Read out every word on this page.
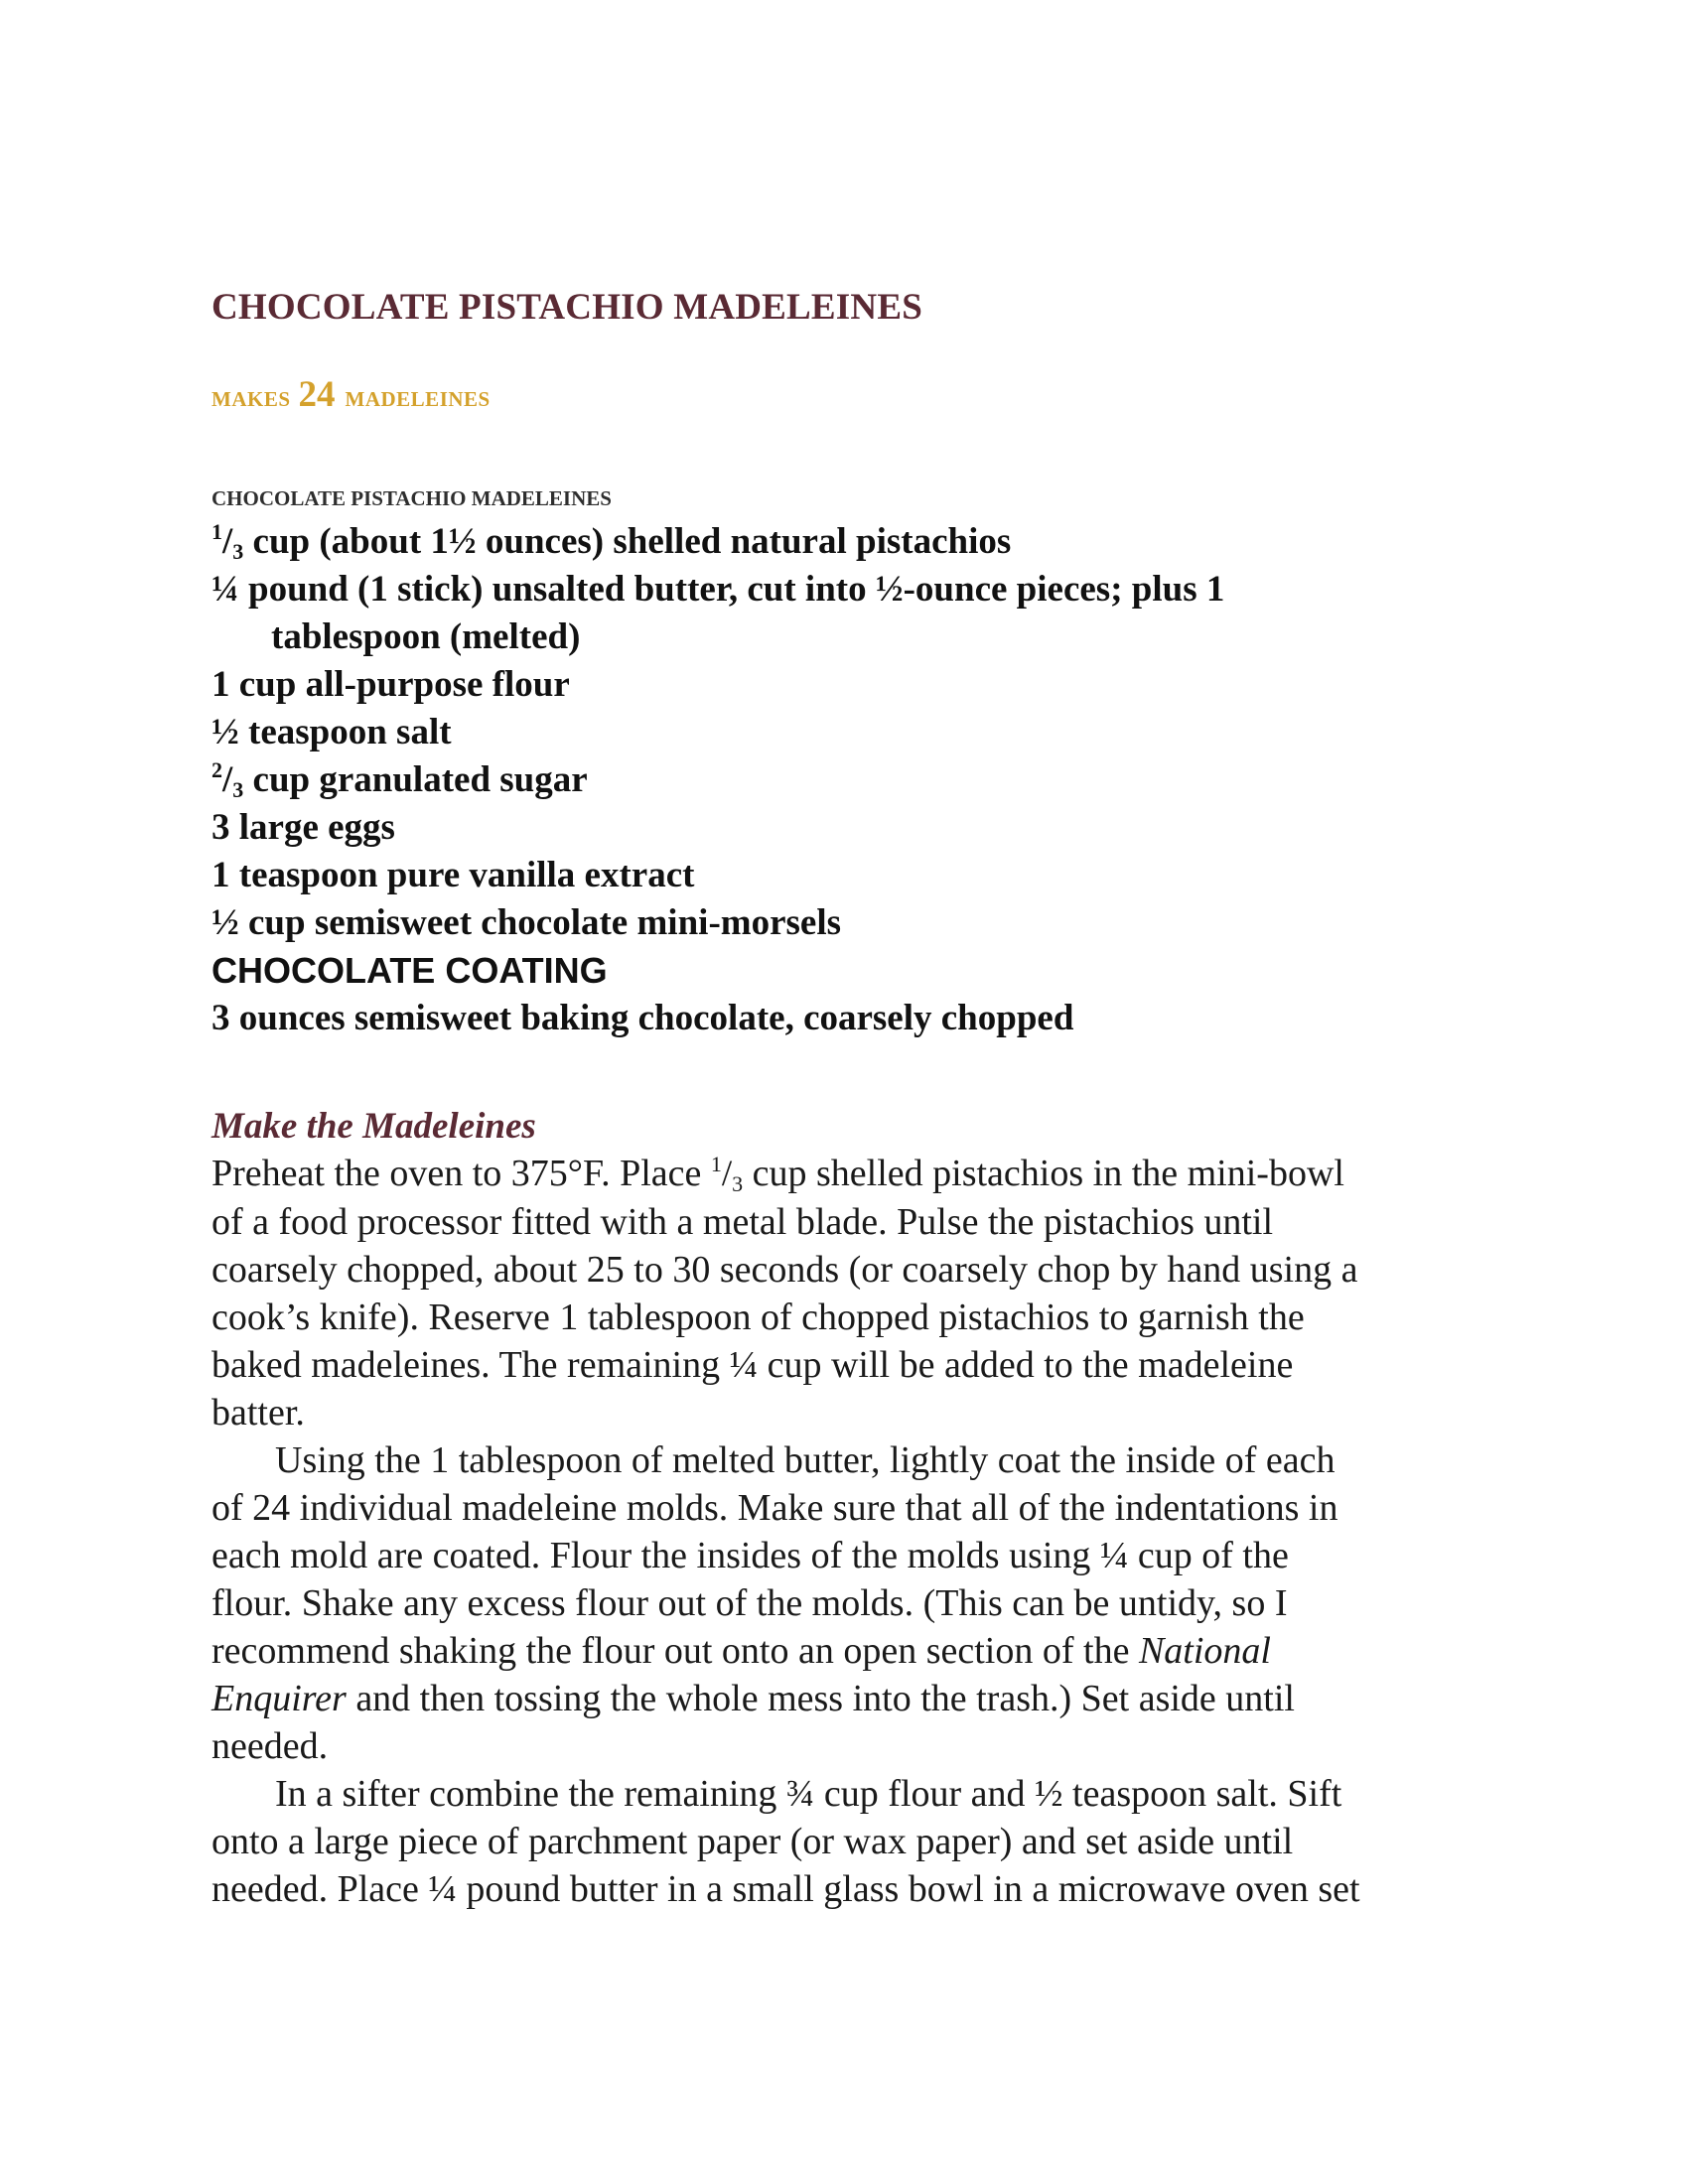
CHOCOLATE PISTACHIO MADELEINES
MAKES 24 MADELEINES
CHOCOLATE PISTACHIO MADELEINES
$^1/_3$ cup (about 1½ ounces) shelled natural pistachios
¼ pound (1 stick) unsalted butter, cut into ½-ounce pieces; plus 1
tablespoon (melted)
1 cup all-purpose flour
½ teaspoon salt
$^2/_3$ cup granulated sugar
3 large eggs
1 teaspoon pure vanilla extract
½ cup semisweet chocolate mini-morsels
CHOCOLATE COATING
3 ounces semisweet baking chocolate, coarsely chopped
Make the Madeleines
Preheat the oven to 375°F. Place $^1/_3$ cup shelled pistachios in the mini-bowl
of a food processor fitted with a metal blade. Pulse the pistachios until
coarsely chopped, about 25 to 30 seconds (or coarsely chop by hand using a
cook’s knife). Reserve 1 tablespoon of chopped pistachios to garnish the
baked madeleines. The remaining ¼ cup will be added to the madeleine
batter.
Using the 1 tablespoon of melted butter, lightly coat the inside of each
of 24 individual madeleine molds. Make sure that all of the indentations in
each mold are coated. Flour the insides of the molds using ¼ cup of the
flour. Shake any excess flour out of the molds. (This can be untidy, so I
recommend shaking the flour out onto an open section of the National
Enquirer and then tossing the whole mess into the trash.) Set aside until
needed.
In a sifter combine the remaining ¾ cup flour and ½ teaspoon salt. Sift
onto a large piece of parchment paper (or wax paper) and set aside until
needed. Place ¼ pound butter in a small glass bowl in a microwave oven set
